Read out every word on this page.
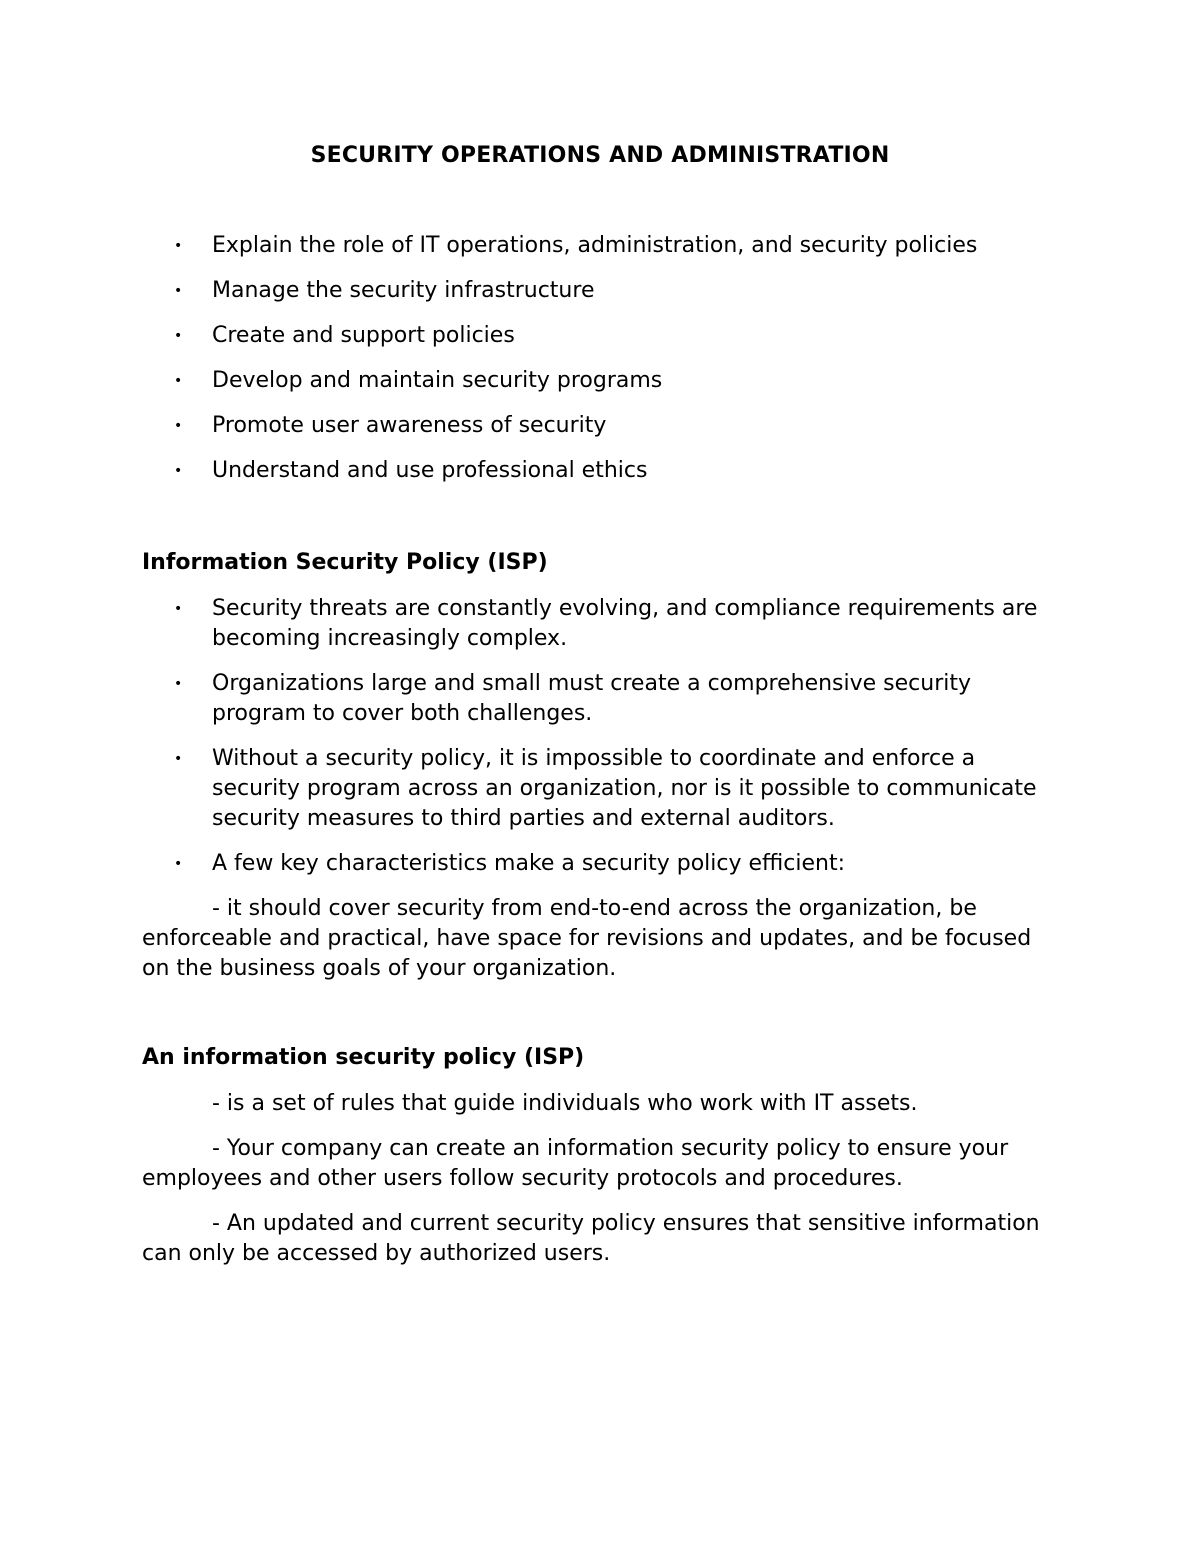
SECURITY OPERATIONS AND ADMINISTRATION
• Explain the role of IT operations, administration, and security policies
• Manage the security infrastructure
• Create and support policies
• Develop and maintain security programs
• Promote user awareness of security
• Understand and use professional ethics
Information Security Policy (ISP)
• Security threats are constantly evolving, and compliance requirements are becoming increasingly complex.
• Organizations large and small must create a comprehensive security program to cover both challenges.
• Without a security policy, it is impossible to coordinate and enforce a security program across an organization, nor is it possible to communicate security measures to third parties and external auditors.
• A few key characteristics make a security policy efficient:

- it should cover security from end-to-end across the organization, be enforceable and practical, have space for revisions and updates, and be focused on the business goals of your organization.

An information security policy (ISP)

- is a set of rules that guide individuals who work with IT assets.

- Your company can create an information security policy to ensure your employees and other users follow security protocols and procedures.

- An updated and current security policy ensures that sensitive information can only be accessed by authorized users.
